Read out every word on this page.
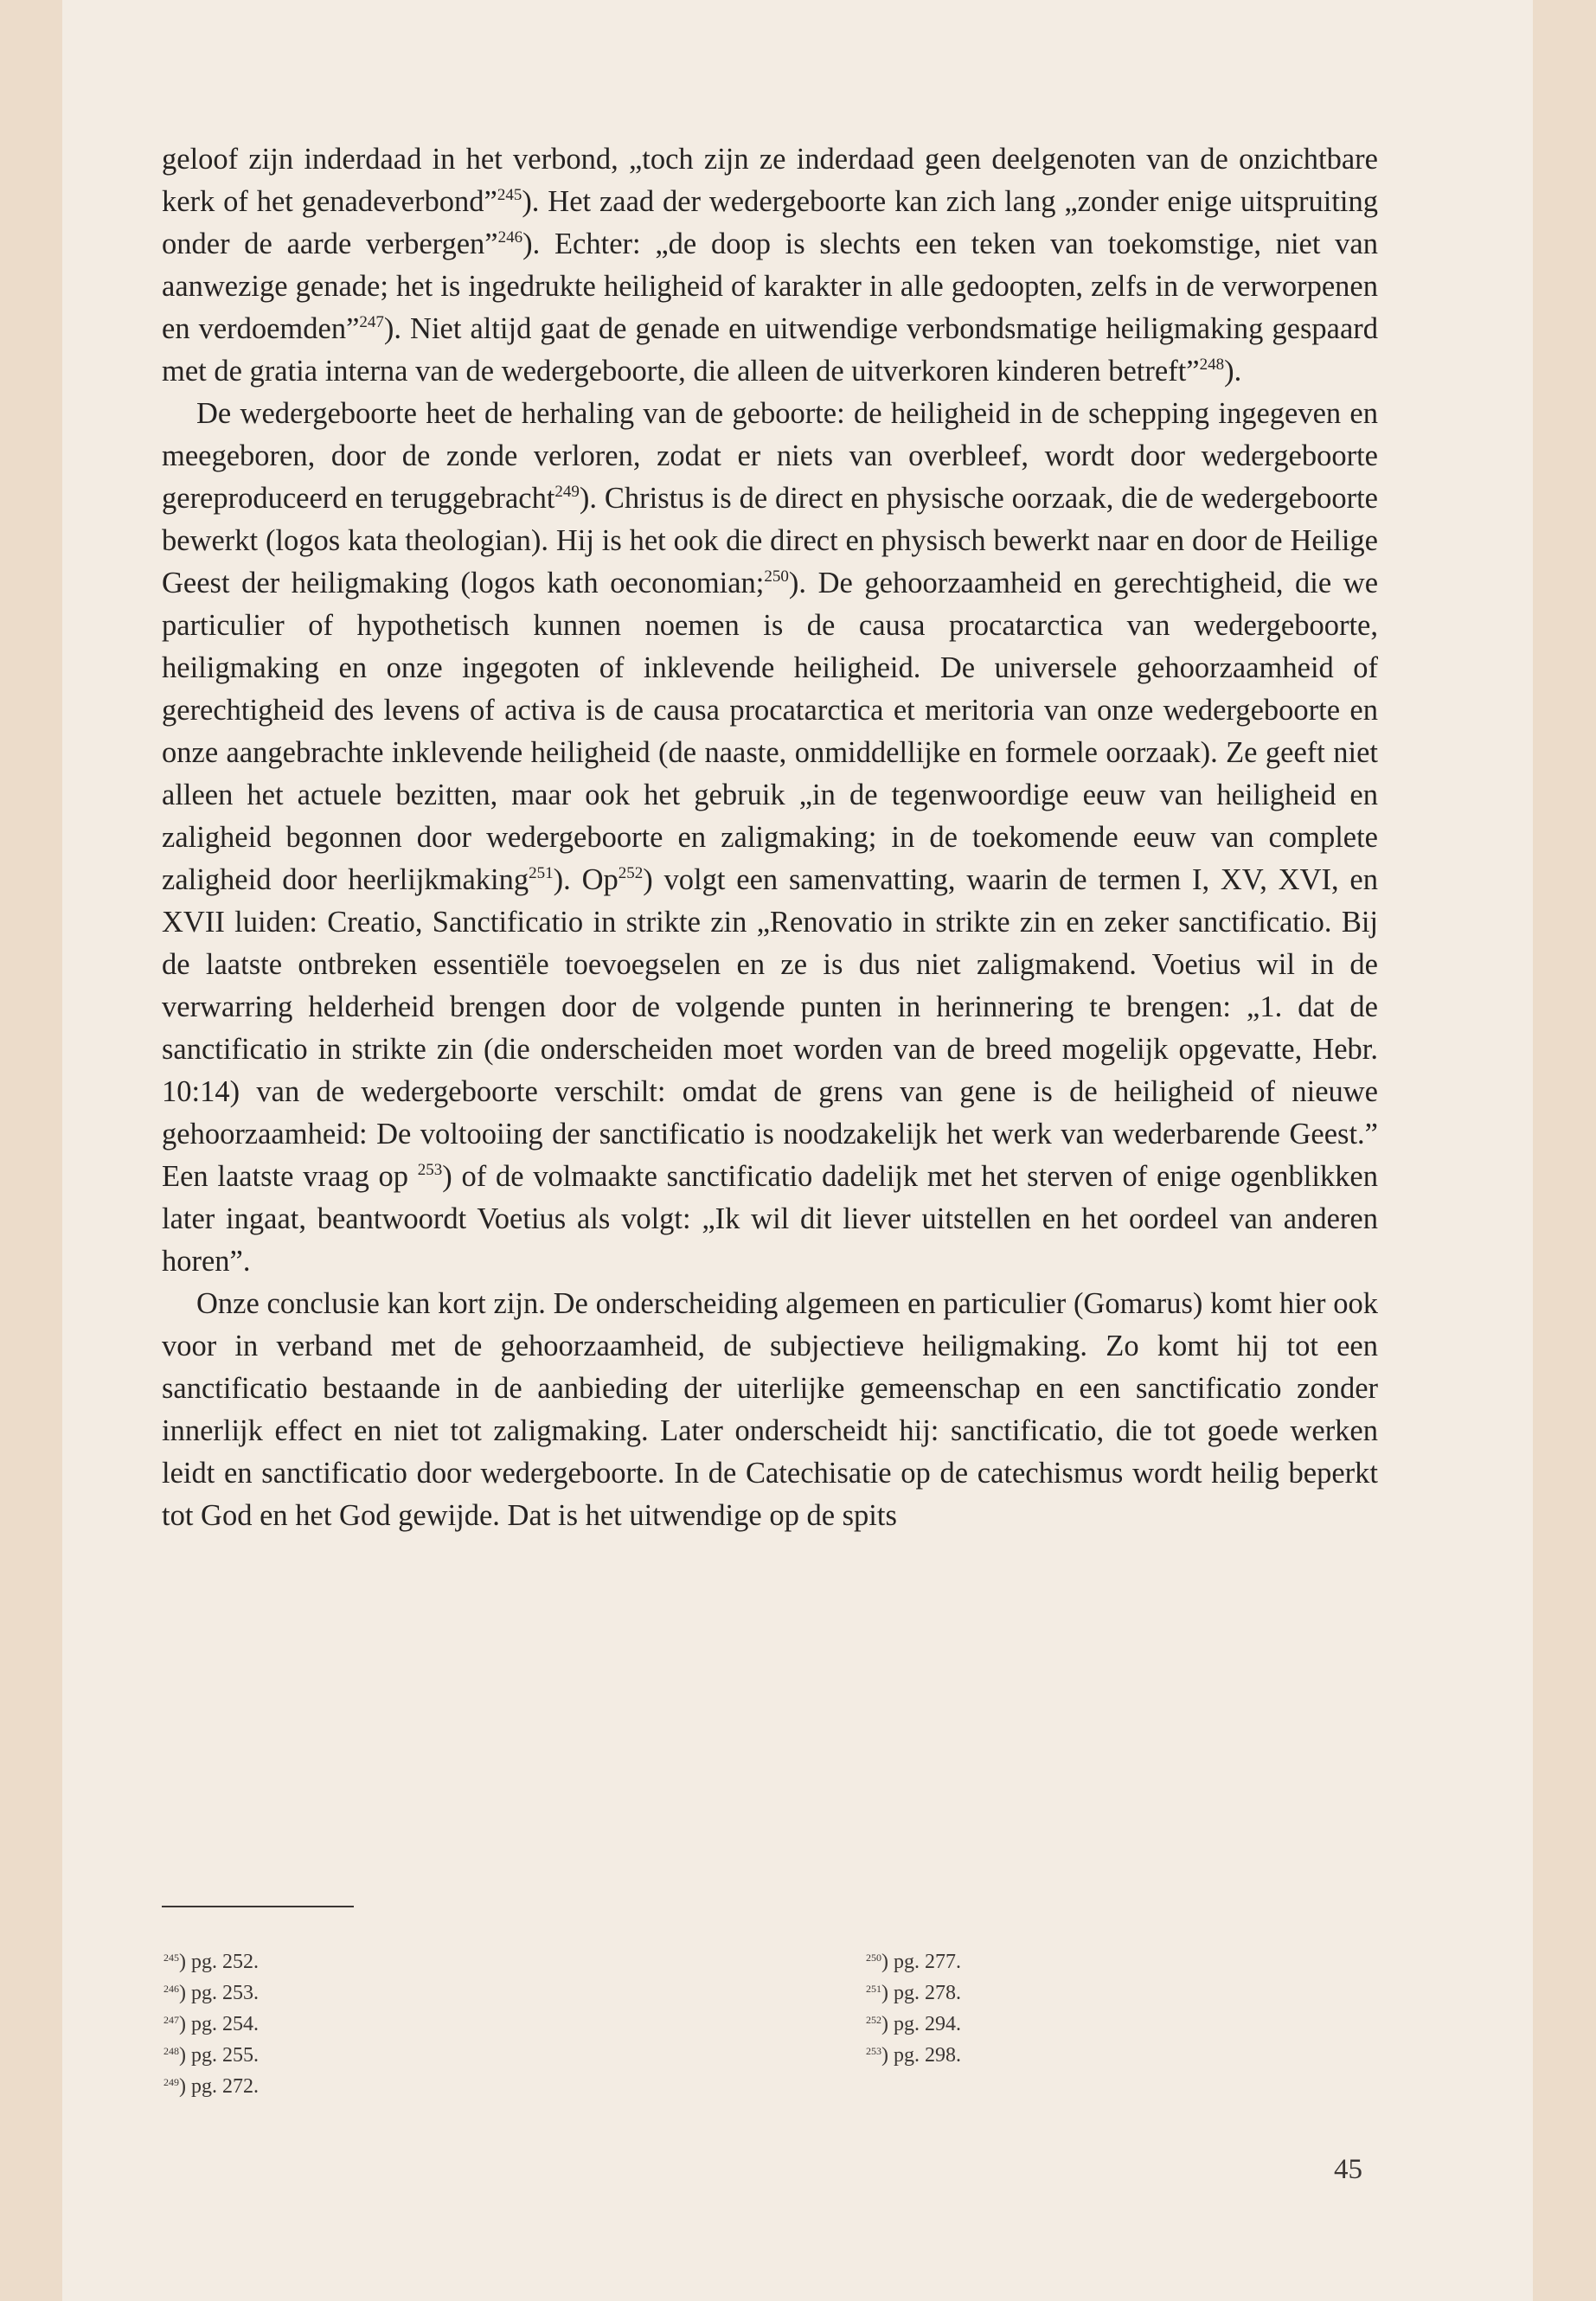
geloof zijn inderdaad in het verbond, „toch zijn ze inderdaad geen deelgenoten van de onzichtbare kerk of het genadeverbond”$^{245}$). Het zaad der wedergeboorte kan zich lang „zonder enige uitspruiting onder de aarde verbergen”$^{246}$). Echter: „de doop is slechts een teken van toekomstige, niet van aanwezige genade; het is ingedrukte heiligheid of karakter in alle gedoopten, zelfs in de verworpenen en verdoemden”$^{247}$). Niet altijd gaat de genade en uitwendige verbondsmatige heiligmaking gespaard met de gratia interna van de wedergeboorte, die alleen de uitverkoren kinderen betreft”$^{248}$).

De wedergeboorte heet de herhaling van de geboorte: de heiligheid in de schepping ingegeven en meegeboren, door de zonde verloren, zodat er niets van overbleef, wordt door wedergeboorte gereproduceerd en teruggebracht$^{249}$). Christus is de direct en physische oorzaak, die de wedergeboorte bewerkt (logos kata theologian). Hij is het ook die direct en physisch bewerkt naar en door de Heilige Geest der heiligmaking (logos kath oeconomian;$^{250}$). De gehoorzaamheid en gerechtigheid, die we particulier of hypothetisch kunnen noemen is de causa procatarctica van wedergeboorte, heiligmaking en onze ingegoten of inklevende heiligheid. De universele gehoorzaamheid of gerechtigheid des levens of activa is de causa procatarctica et meritoria van onze wedergeboorte en onze aangebrachte inklevende heiligheid (de naaste, onmiddellijke en formele oorzaak). Ze geeft niet alleen het actuele bezitten, maar ook het gebruik „in de tegenwoordige eeuw van heiligheid en zaligheid begonnen door wedergeboorte en zaligmaking; in de toekomende eeuw van complete zaligheid door heerlijkmaking$^{251}$). Op$^{252}$) volgt een samenvatting, waarin de termen I, XV, XVI, en XVII luiden: Creatio, Sanctificatio in strikte zin „Renovatio in strikte zin en zeker sanctificatio. Bij de laatste ontbreken essentiële toevoegselen en ze is dus niet zaligmakend. Voetius wil in de verwarring helderheid brengen door de volgende punten in herinnering te brengen: „1. dat de sanctificatio in strikte zin (die onderscheiden moet worden van de breed mogelijk opgevatte, Hebr. 10:14) van de wedergeboorte verschilt: omdat de grens van gene is de heiligheid of nieuwe gehoorzaamheid: De voltooiing der sanctificatio is noodzakelijk het werk van wederbarende Geest.” Een laatste vraag op $^{253}$) of de volmaakte sanctificatio dadelijk met het sterven of enige ogenblikken later ingaat, beantwoordt Voetius als volgt: „Ik wil dit liever uitstellen en het oordeel van anderen horen”.

Onze conclusie kan kort zijn. De onderscheiding algemeen en particulier (Gomarus) komt hier ook voor in verband met de gehoorzaamheid, de subjectieve heiligmaking. Zo komt hij tot een sanctificatio bestaande in de aanbieding der uiterlijke gemeenschap en een sanctificatio zonder innerlijk effect en niet tot zaligmaking. Later onderscheidt hij: sanctificatio, die tot goede werken leidt en sanctificatio door wedergeboorte. In de Catechisatie op de catechismus wordt heilig beperkt tot God en het God gewijde. Dat is het uitwendige op de spits

$^{245}$) pg. 252.
$^{246}$) pg. 253.
$^{247}$) pg. 254.
$^{248}$) pg. 255.
$^{249}$) pg. 272.
$^{250}$) pg. 277.
$^{251}$) pg. 278.
$^{252}$) pg. 294.
$^{253}$) pg. 298.
45
